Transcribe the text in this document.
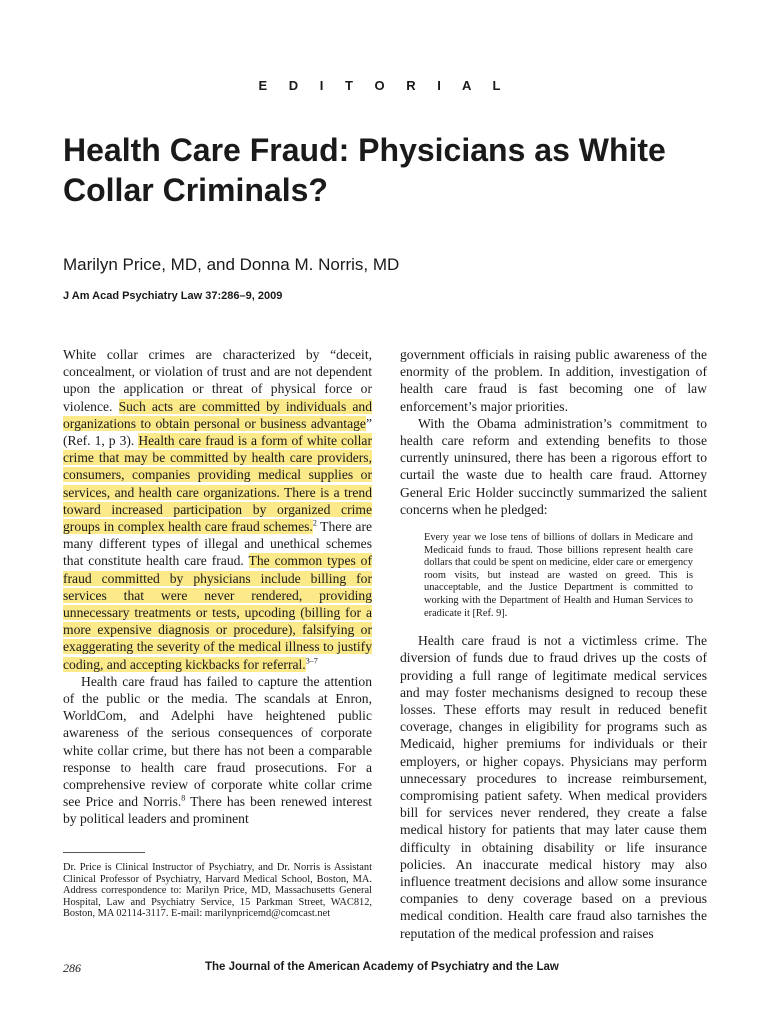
E D I T O R I A L
Health Care Fraud: Physicians as White Collar Criminals?
Marilyn Price, MD, and Donna M. Norris, MD
J Am Acad Psychiatry Law 37:286–9, 2009

White collar crimes are characterized by “deceit, concealment, or violation of trust and are not dependent upon the application or threat of physical force or violence. Such acts are committed by individuals and organizations to obtain personal or business advantage” (Ref. 1, p 3). Health care fraud is a form of white collar crime that may be committed by health care providers, consumers, companies providing medical supplies or services, and health care organizations. There is a trend toward increased participation by organized crime groups in complex health care fraud schemes.$^2$ There are many different types of illegal and unethical schemes that constitute health care fraud. The common types of fraud committed by physicians include billing for services that were never rendered, providing unnecessary treatments or tests, upcoding (billing for a more expensive diagnosis or procedure), falsifying or exaggerating the severity of the medical illness to justify coding, and accepting kickbacks for referral.$^{3-7}$

Health care fraud has failed to capture the attention of the public or the media. The scandals at Enron, WorldCom, and Adelphi have heightened public awareness of the serious consequences of corporate white collar crime, but there has not been a comparable response to health care fraud prosecutions. For a comprehensive review of corporate white collar crime see Price and Norris.$^8$ There has been renewed interest by political leaders and prominent

government officials in raising public awareness of the enormity of the problem. In addition, investigation of health care fraud is fast becoming one of law enforcement’s major priorities.

With the Obama administration’s commitment to health care reform and extending benefits to those currently uninsured, there has been a rigorous effort to curtail the waste due to health care fraud. Attorney General Eric Holder succinctly summarized the salient concerns when he pledged:

Every year we lose tens of billions of dollars in Medicare and Medicaid funds to fraud. Those billions represent health care dollars that could be spent on medicine, elder care or emergency room visits, but instead are wasted on greed. This is unacceptable, and the Justice Department is committed to working with the Department of Health and Human Services to eradicate it [Ref. 9].

Health care fraud is not a victimless crime. The diversion of funds due to fraud drives up the costs of providing a full range of legitimate medical services and may foster mechanisms designed to recoup these losses. These efforts may result in reduced benefit coverage, changes in eligibility for programs such as Medicaid, higher premiums for individuals or their employers, or higher copays. Physicians may perform unnecessary procedures to increase reimbursement, compromising patient safety. When medical providers bill for services never rendered, they create a false medical history for patients that may later cause them difficulty in obtaining disability or life insurance policies. An inaccurate medical history may also influence treatment decisions and allow some insurance companies to deny coverage based on a previous medical condition. Health care fraud also tarnishes the reputation of the medical profession and raises

Dr. Price is Clinical Instructor of Psychiatry, and Dr. Norris is Assistant Clinical Professor of Psychiatry, Harvard Medical School, Boston, MA. Address correspondence to: Marilyn Price, MD, Massachusetts General Hospital, Law and Psychiatry Service, 15 Parkman Street, WAC812, Boston, MA 02114-3117. E-mail: marilynpricemd@comcast.net
286	The Journal of the American Academy of Psychiatry and the Law
